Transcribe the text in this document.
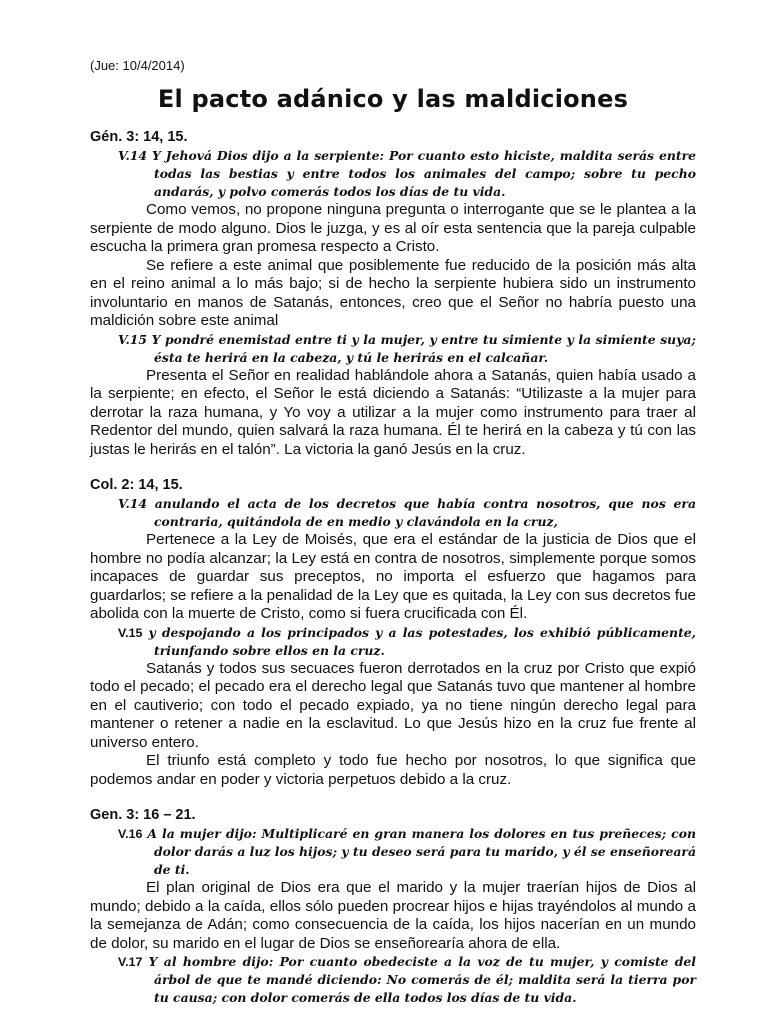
(Jue: 10/4/2014)
El pacto adánico y las maldiciones
Gén. 3: 14, 15.

V.14 Y Jehová Dios dijo a la serpiente: Por cuanto esto hiciste, maldita serás entre todas las bestias y entre todos los animales del campo; sobre tu pecho andarás, y polvo comerás todos los días de tu vida.

Como vemos, no propone ninguna pregunta o interrogante que se le plantea a la serpiente de modo alguno. Dios le juzga, y es al oír esta sentencia que la pareja culpable escucha la primera gran promesa respecto a Cristo.

Se refiere a este animal que posiblemente fue reducido de la posición más alta en el reino animal a lo más bajo; si de hecho la serpiente hubiera sido un instrumento involuntario en manos de Satanás, entonces, creo que el Señor no habría puesto una maldición sobre este animal

V.15 Y pondré enemistad entre ti y la mujer, y entre tu simiente y la simiente suya; ésta te herirá en la cabeza, y tú le herirás en el calcañar.

Presenta el Señor en realidad hablándole ahora a Satanás, quien había usado a la serpiente; en efecto, el Señor le está diciendo a Satanás: “Utilizaste a la mujer para derrotar la raza humana, y Yo voy a utilizar a la mujer como instrumento para traer al Redentor del mundo, quien salvará la raza humana. Él te herirá en la cabeza y tú con las justas le herirás en el talón”. La victoria la ganó Jesús en la cruz.

Col. 2: 14, 15.

V.14 anulando el acta de los decretos que había contra nosotros, que nos era contraria, quitándola de en medio y clavándola en la cruz,

Pertenece a la Ley de Moisés, que era el estándar de la justicia de Dios que el hombre no podía alcanzar; la Ley está en contra de nosotros, simplemente porque somos incapaces de guardar sus preceptos, no importa el esfuerzo que hagamos para guardarlos; se refiere a la penalidad de la Ley que es quitada, la Ley con sus decretos fue abolida con la muerte de Cristo, como si fuera crucificada con Él.

V.15 y despojando a los principados y a las potestades, los exhibió públicamente, triunfando sobre ellos en la cruz.

Satanás y todos sus secuaces fueron derrotados en la cruz por Cristo que expió todo el pecado; el pecado era el derecho legal que Satanás tuvo que mantener al hombre en el cautiverio; con todo el pecado expiado, ya no tiene ningún derecho legal para mantener o retener a nadie en la esclavitud. Lo que Jesús hizo en la cruz fue frente al universo entero.

El triunfo está completo y todo fue hecho por nosotros, lo que significa que podemos andar en poder y victoria perpetuos debido a la cruz.

Gen. 3: 16 – 21.

V.16 A la mujer dijo: Multiplicaré en gran manera los dolores en tus preñeces; con dolor darás a luz los hijos; y tu deseo será para tu marido, y él se enseñoreará de ti.

El plan original de Dios era que el marido y la mujer traerían hijos de Dios al mundo; debido a la caída, ellos sólo pueden procrear hijos e hijas trayéndolos al mundo a la semejanza de Adán; como consecuencia de la caída, los hijos nacerían en un mundo de dolor, su marido en el lugar de Dios se enseñorearía ahora de ella.

V.17 Y al hombre dijo: Por cuanto obedeciste a la voz de tu mujer, y comiste del árbol de que te mandé diciendo: No comerás de él; maldita será la tierra por tu causa; con dolor comerás de ella todos los días de tu vida.
